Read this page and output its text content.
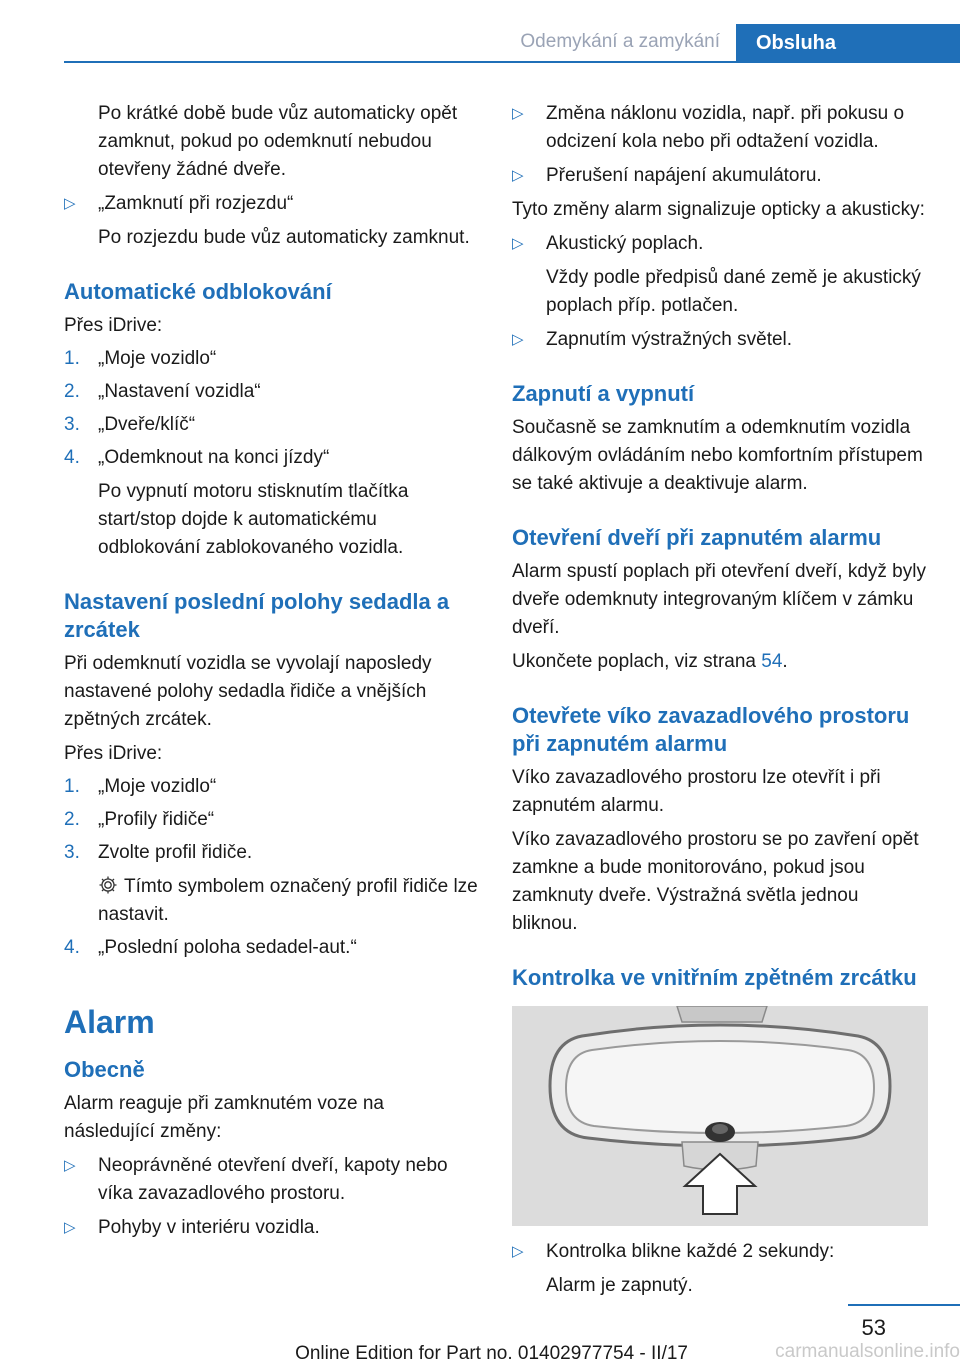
Odemykání a zamykání	Obsluha

Po krátké době bude vůz automaticky opět zamknut, pokud po odemknutí nebudou otevřeny žádné dveře.

▷ „Zamknutí při rozjezdu“

Po rozjezdu bude vůz automaticky zamknut.

Automatické odblokování

Přes iDrive:

1. „Moje vozidlo“

2. „Nastavení vozidla“

3. „Dveře/klíč“

4. „Odemknout na konci jízdy“

Po vypnutí motoru stisknutím tlačítka start/stop dojde k automatickému odblokování zablokovaného vozidla.

Nastavení poslední polohy sedadla a zrcátek

Při odemknutí vozidla se vyvolají naposledy nastavené polohy sedadla řidiče a vnějších zpětných zrcátek.

Přes iDrive:

1. „Moje vozidlo“

2. „Profily řidiče“

3. Zvolte profil řidiče.

Tímto symbolem označený profil řidiče lze nastavit.

4. „Poslední poloha sedadel-aut.“

Alarm
Obecně

Alarm reaguje při zamknutém voze na následující změny:

▷ Neoprávněné otevření dveří, kapoty nebo víka zavazadlového prostoru.

▷ Pohyby v interiéru vozidla.

▷ Změna náklonu vozidla, např. při pokusu o odcizení kola nebo při odtažení vozidla.

▷ Přerušení napájení akumulátoru.

Tyto změny alarm signalizuje opticky a akusticky:

▷ Akustický poplach.

Vždy podle předpisů dané země je akustický poplach příp. potlačen.

▷ Zapnutím výstražných světel.

Zapnutí a vypnutí

Současně se zamknutím a odemknutím vozidla dálkovým ovládáním nebo komfortním přístupem se také aktivuje a deaktivuje alarm.

Otevření dveří při zapnutém alarmu

Alarm spustí poplach při otevření dveří, když byly dveře odemknuty integrovaným klíčem v zámku dveří.

Ukončete poplach, viz strana 54.

Otevřete víko zavazadlového prostoru při zapnutém alarmu

Víko zavazadlového prostoru lze otevřít i při zapnutém alarmu.

Víko zavazadlového prostoru se po zavření opět zamkne a bude monitorováno, pokud jsou zamknuty dveře. Výstražná světla jednou bliknou.

Kontrolka ve vnitřním zpětném zrcátku
▷ Kontrolka blikne každé 2 sekundy:

Alarm je zapnutý.

53
Online Edition for Part no. 01402977754 - II/17	carmanualsonline.info
